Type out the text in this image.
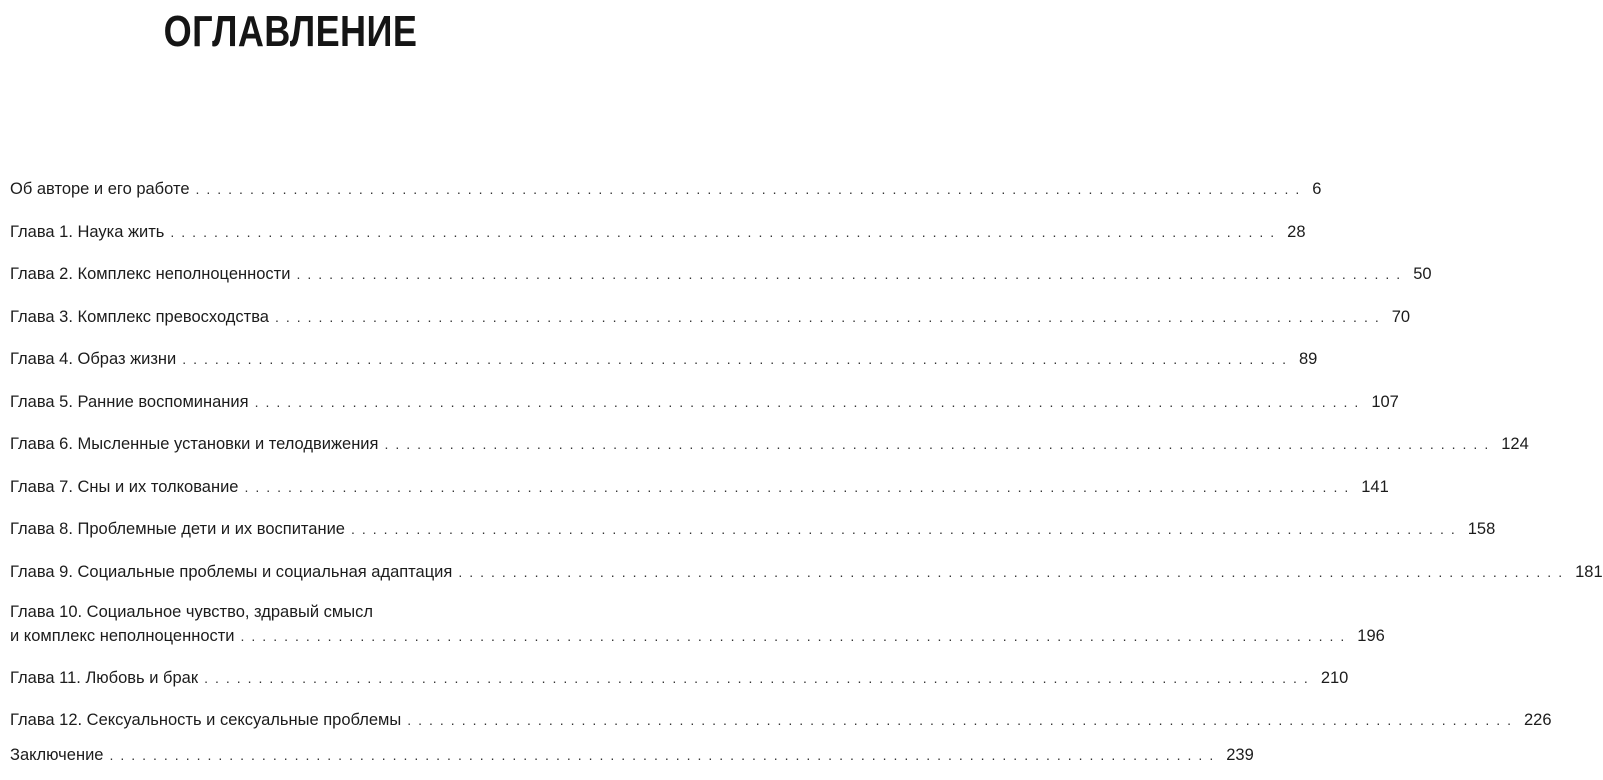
ОГЛАВЛЕНИЕ
Об авторе и его работе ...................................................................................................... 6
Глава 1. Наука жить ...................................................................................................... 28
Глава 2. Комплекс неполноценности ...................................................................................................... 50
Глава 3. Комплекс превосходства ...................................................................................................... 70
Глава 4. Образ жизни ...................................................................................................... 89
Глава 5. Ранние воспоминания ...................................................................................................... 107
Глава 6. Мысленные установки и телодвижения ...................................................................................................... 124
Глава 7. Сны и их толкование ...................................................................................................... 141
Глава 8. Проблемные дети и их воспитание ...................................................................................................... 158
Глава 9. Социальные проблемы и социальная адаптация ...................................................................................................... 181
Глава 10. Социальное чувство, здравый смысл
и комплекс неполноценности ...................................................................................................... 196
Глава 11. Любовь и брак ...................................................................................................... 210
Глава 12. Сексуальность и сексуальные проблемы ...................................................................................................... 226
Заключение ...................................................................................................... 239
